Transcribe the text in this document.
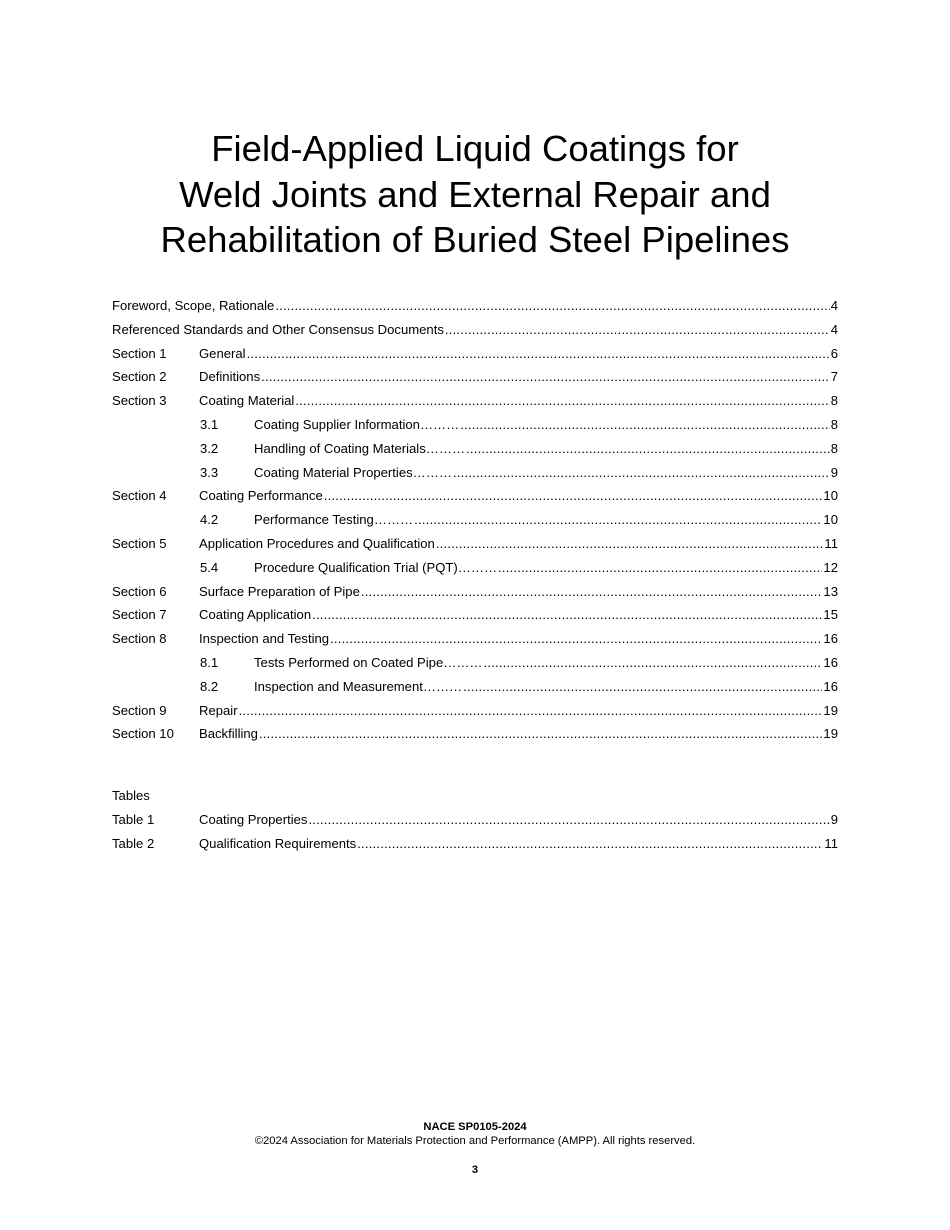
Field-Applied Liquid Coatings for
Weld Joints and External Repair and
Rehabilitation of Buried Steel Pipelines
Foreword, Scope, Rationale .....	4
Referenced Standards and Other Consensus Documents .....	4
Section 1	General .....	6
Section 2	Definitions .....	7
Section 3	Coating Material .....	8
3.1	Coating Supplier Information……… .....	8
3.2	Handling of Coating Materials……… .....	8
3.3	Coating Material Properties……… .....	9
Section 4	Coating Performance .....	10
4.2	Performance Testing……… .....	10
Section 5	Application Procedures and Qualification .....	11
5.4	Procedure Qualification Trial (PQT)……… .....	12
Section 6	Surface Preparation of Pipe .....	13
Section 7	Coating Application .....	15
Section 8	Inspection and Testing .....	16
8.1	Tests Performed on Coated Pipe……… .....	16
8.2	Inspection and Measurement……… .....	16
Section 9	Repair .....	19
Section 10	Backfilling .....	19
Tables
Table 1	Coating Properties .....	9
Table 2	Qualification Requirements .....	11
NACE SP0105-2024
©2024 Association for Materials Protection and Performance (AMPP). All rights reserved.
3
